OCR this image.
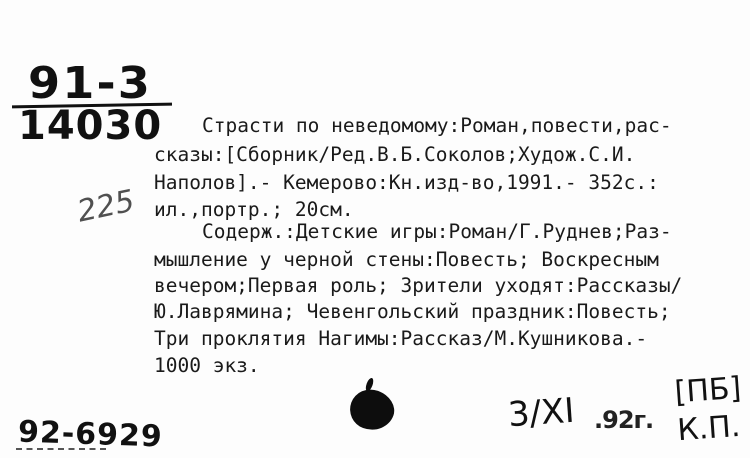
91-3
14030
225

Страсти по неведомому:Роман,повести,рас-

сказы:[Сборник/Ред.В.Б.Соколов;Худож.С.И.

Наполов].- Кемерово:Кн.изд-во,1991.- 352с.:

ил.,портр.; 20см.

Содерж.:Детские игры:Роман/Г.Руднев;Раз-

мышление у черной стены:Повесть; Воскресным

вечером;Первая роль; Зрители уходят:Рассказы/

Ю.Лаврямина; Чевенгольский праздник:Повесть;

Три проклятия Нагимы:Рассказ/М.Кушникова.-

1000 экз.

92-6929	3/XI .92г.
[ПБ]
К.П.
